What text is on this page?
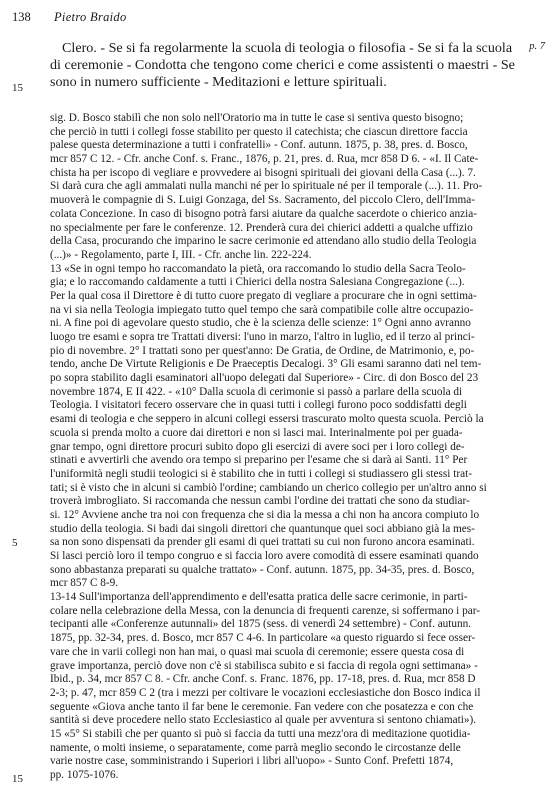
138 Pietro Braido
p. 7

Clero. - Se si fa regolarmente la scuola di teologia o filosofia - Se si fa la scuola

di ceremonie - Condotta che tengono come cherici e come assistenti o maestri - Se

sono in numero sufficiente - Meditazioni e letture spirituali.

15
5
15

sig. D. Bosco stabilì che non solo nell'Oratorio ma in tutte le case si sentiva questo bisogno;

che perciò in tutti i collegi fosse stabilito per questo il catechista; che ciascun direttore faccia

palese questa determinazione a tutti i confratelli» - Conf. autunn. 1875, p. 38, pres. d. Bosco,

mcr 857 C 12. - Cfr. anche Conf. s. Franc., 1876, p. 21, pres. d. Rua, mcr 858 D 6. - «I. Il Cate-

chista ha per iscopo di vegliare e provvedere ai bisogni spirituali dei giovani della Casa (...). 7.

Si darà cura che agli ammalati nulla manchi né per lo spirituale né per il temporale (...). 11. Pro-

muoverà le compagnie di S. Luigi Gonzaga, del Ss. Sacramento, del piccolo Clero, dell'Imma-

colata Concezione. In caso di bisogno potrà farsi aiutare da qualche sacerdote o chierico anzia-

no specialmente per fare le conferenze. 12. Prenderà cura dei chierici addetti a qualche uffizio

della Casa, procurando che imparino le sacre cerimonie ed attendano allo studio della Teologia

(...)» - Regolamento, parte I, III. - Cfr. anche lin. 222-224.

13 «Se in ogni tempo ho raccomandato la pietà, ora raccomando lo studio della Sacra Teolo-

gia; e lo raccomando caldamente a tutti i Chierici della nostra Salesiana Congregazione (...).

Per la qual cosa il Direttore è di tutto cuore pregato di vegliare a procurare che in ogni settima-

na vi sia nella Teologia impiegato tutto quel tempo che sarà compatibile colle altre occupazio-

ni. A fine poi di agevolare questo studio, che è la scienza delle scienze: 1° Ogni anno avranno

luogo tre esami e sopra tre Trattati diversi: l'uno in marzo, l'altro in luglio, ed il terzo al princi-

pio di novembre. 2° I trattati sono per quest'anno: De Gratia, de Ordine, de Matrimonio, e, po-

tendo, anche De Virtute Religionis e De Praeceptis Decalogi. 3° Gli esami saranno dati nel tem-

po sopra stabilito dagli esaminatori all'uopo delegati dal Superiore» - Circ. di don Bosco del 23

novembre 1874, E II 422. - «10° Dalla scuola di cerimonie si passò a parlare della scuola di

Teologia. I visitatori fecero osservare che in quasi tutti i collegi furono poco soddisfatti degli

esami di teologia e che seppero in alcuni collegi essersi trascurato molto questa scuola. Perciò la

scuola si prenda molto a cuore dai direttori e non si lasci mai. Interinalmente poi per guada-

gnar tempo, ogni direttore procuri subito dopo gli esercizi di avere soci per i loro collegi de-

stinati e avvertirli che avendo ora tempo si preparino per l'esame che si darà ai Santi. 11° Per

l'uniformità negli studii teologici si è stabilito che in tutti i collegi si studiassero gli stessi trat-

tati; si è visto che in alcuni si cambiò l'ordine; cambiando un cherico collegio per un'altro anno si

troverà imbrogliato. Si raccomanda che nessun cambi l'ordine dei trattati che sono da studiar-

si. 12° Avviene anche tra noi con frequenza che si dia la messa a chi non ha ancora compiuto lo

studio della teologia. Si badi dai singoli direttori che quantunque quei soci abbiano già la mes-

sa non sono dispensati da prender gli esami di quei trattati su cui non furono ancora esaminati.

Si lasci perciò loro il tempo congruo e si faccia loro avere comodità di essere esaminati quando

sono abbastanza preparati su qualche trattato» - Conf. autunn. 1875, pp. 34-35, pres. d. Bosco,

mcr 857 C 8-9.

13-14 Sull'importanza dell'apprendimento e dell'esatta pratica delle sacre cerimonie, in parti-

colare nella celebrazione della Messa, con la denuncia di frequenti carenze, si soffermano i par-

tecipanti alle «Conferenze autunnali» del 1875 (sess. di venerdì 24 settembre) - Conf. autunn.

1875, pp. 32-34, pres. d. Bosco, mcr 857 C 4-6. In particolare «a questo riguardo si fece osser-

vare che in varii collegi non han mai, o quasi mai scuola di ceremonie; essere questa cosa di

grave importanza, perciò dove non c'è si stabilisca subito e si faccia di regola ogni settimana» -

Ibid., p. 34, mcr 857 C 8. - Cfr. anche Conf. s. Franc. 1876, pp. 17-18, pres. d. Rua, mcr 858 D

2-3; p. 47, mcr 859 C 2 (tra i mezzi per coltivare le vocazioni ecclesiastiche don Bosco indica il

seguente «Giova anche tanto il far bene le ceremonie. Fan vedere con che posatezza e con che

santità si deve procedere nello stato Ecclesiastico al quale per avventura si sentono chiamati»).

15 «5° Si stabilì che per quanto si può si faccia da tutti una mezz'ora di meditazione quotidia-

namente, o molti insieme, o separatamente, come parrà meglio secondo le circostanze delle

varie nostre case, somministrando i Superiori i libri all'uopo» - Sunto Conf. Prefetti 1874,

pp. 1075-1076.
